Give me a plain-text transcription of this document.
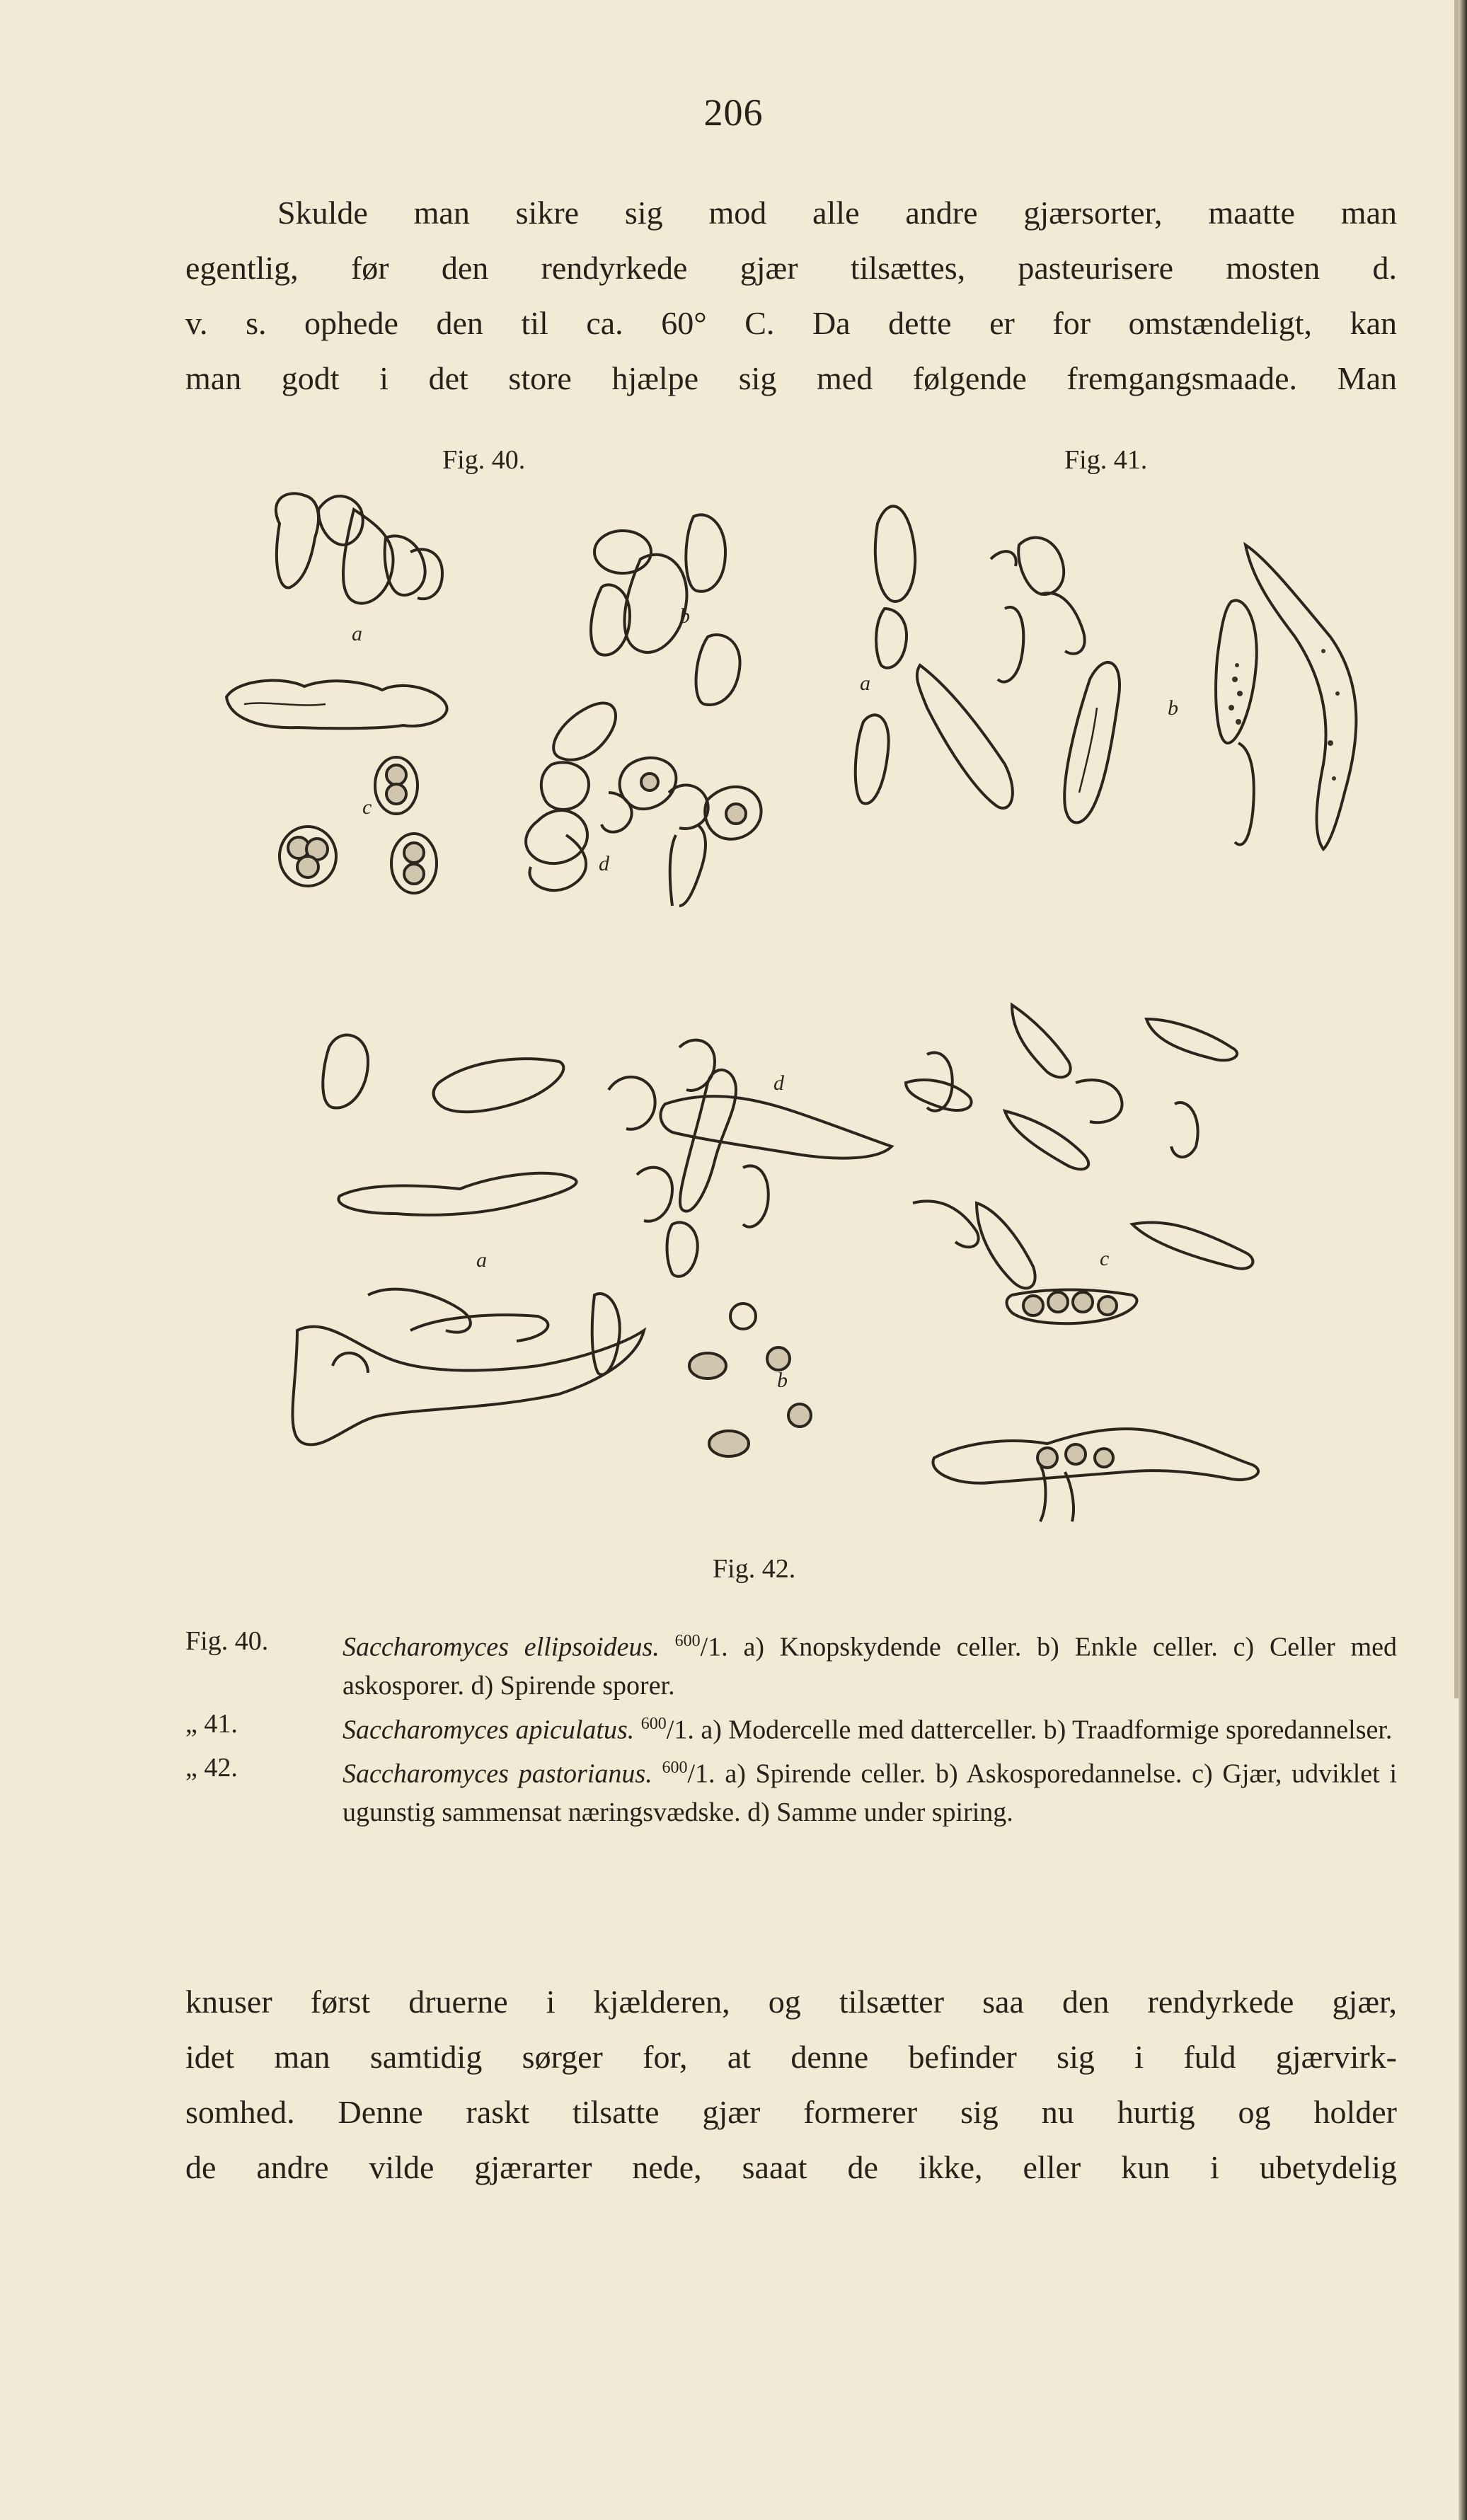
206
Skulde man sikre sig mod alle andre gjærsorter, maatte man
egentlig, før den rendyrkede gjær tilsættes, pasteurisere mosten d.
v. s. ophede den til ca. 60° C. Da dette er for omstændeligt, kan
man godt i det store hjælpe sig med følgende fremgangsmaade. Man
Fig. 40.	Fig. 41.
Fig. 42.
a
b
c
d
a
b
a
b
c
d
Fig. 40.	Saccharomyces ellipsoideus. $^{600}$/1. a) Knopskydende celler. b) Enkle celler. c) Celler med askosporer. d) Spirende sporer.
„ 41.	Saccharomyces apiculatus. $^{600}$/1. a) Modercelle med datterceller. b) Traadformige sporedannelser.
„ 42.	Saccharomyces pastorianus. $^{600}$/1. a) Spirende celler. b) Askosporedannelse. c) Gjær, udviklet i ugunstig sammensat næringsvædske. d) Samme under spiring.
knuser først druerne i kjælderen, og tilsætter saa den rendyrkede gjær,
idet man samtidig sørger for, at denne befinder sig i fuld gjærvirk-
somhed. Denne raskt tilsatte gjær formerer sig nu hurtig og holder
de andre vilde gjærarter nede, saaat de ikke, eller kun i ubetydelig
